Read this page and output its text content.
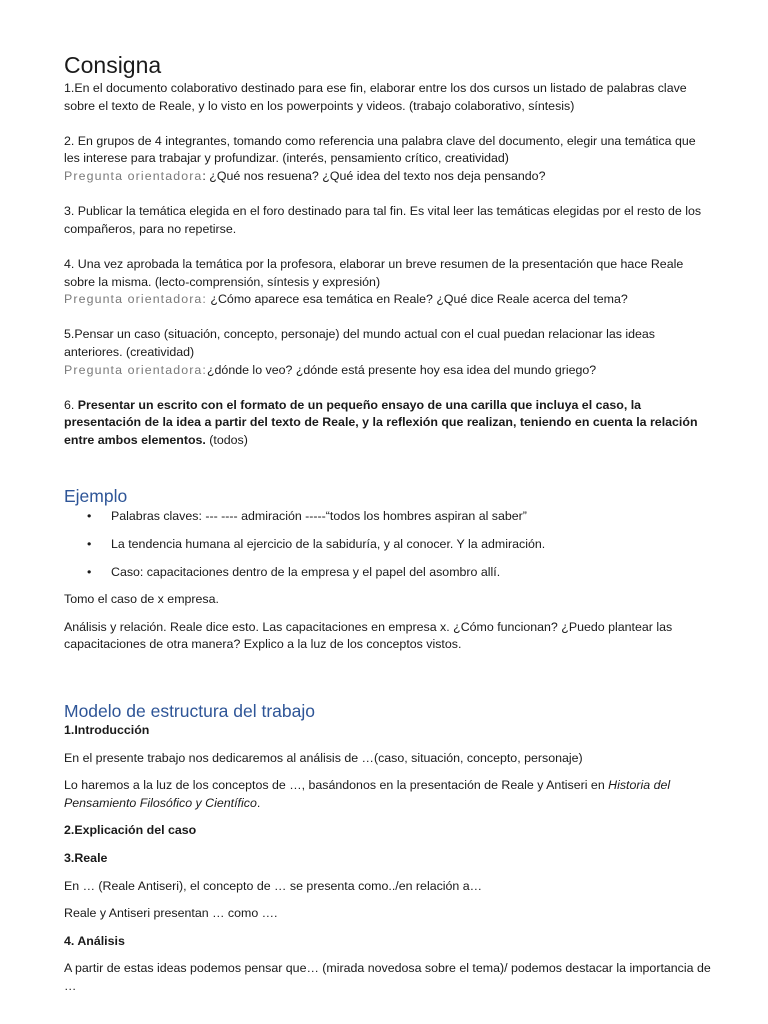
Consigna

1.En el documento colaborativo destinado para ese fin, elaborar entre los dos cursos un listado de palabras clave sobre el texto de Reale, y lo visto en los powerpoints y videos. (trabajo colaborativo, síntesis)

2. En grupos de 4 integrantes, tomando como referencia una palabra clave del documento, elegir una temática que les interese para trabajar y profundizar. (interés, pensamiento crítico, creatividad)

Pregunta orientadora: ¿Qué nos resuena? ¿Qué idea del texto nos deja pensando?

3. Publicar la temática elegida en el foro destinado para tal fin. Es vital leer las temáticas elegidas por el resto de los compañeros, para no repetirse.

4. Una vez aprobada la temática por la profesora, elaborar un breve resumen de la presentación que hace Reale sobre la misma. (lecto-comprensión, síntesis y expresión)

Pregunta orientadora: ¿Cómo aparece esa temática en Reale? ¿Qué dice Reale acerca del tema?

5.Pensar un caso (situación, concepto, personaje) del mundo actual con el cual puedan relacionar las ideas anteriores. (creatividad)

Pregunta orientadora:¿dónde lo veo? ¿dónde está presente hoy esa idea del mundo griego?

6. Presentar un escrito con el formato de un pequeño ensayo de una carilla que incluya el caso, la presentación de la idea a partir del texto de Reale, y la reflexión que realizan, teniendo en cuenta la relación entre ambos elementos. (todos)

Ejemplo
• Palabras claves: --- ---- admiración -----“todos los hombres aspiran al saber”
• La tendencia humana al ejercicio de la sabiduría, y al conocer. Y la admiración.
• Caso: capacitaciones dentro de la empresa y el papel del asombro allí.

Tomo el caso de x empresa.

Análisis y relación. Reale dice esto. Las capacitaciones en empresa x. ¿Cómo funcionan? ¿Puedo plantear las capacitaciones de otra manera? Explico a la luz de los conceptos vistos.

Modelo de estructura del trabajo

1.Introducción

En el presente trabajo nos dedicaremos al análisis de …(caso, situación, concepto, personaje)

Lo haremos a la luz de los conceptos de …, basándonos en la presentación de Reale y Antiseri en Historia del Pensamiento Filosófico y Científico.

2.Explicación del caso

3.Reale

En … (Reale Antiseri), el concepto de … se presenta como../en relación a…

Reale y Antiseri presentan … como ….

4. Análisis

A partir de estas ideas podemos pensar que… (mirada novedosa sobre el tema)/ podemos destacar la importancia de …
